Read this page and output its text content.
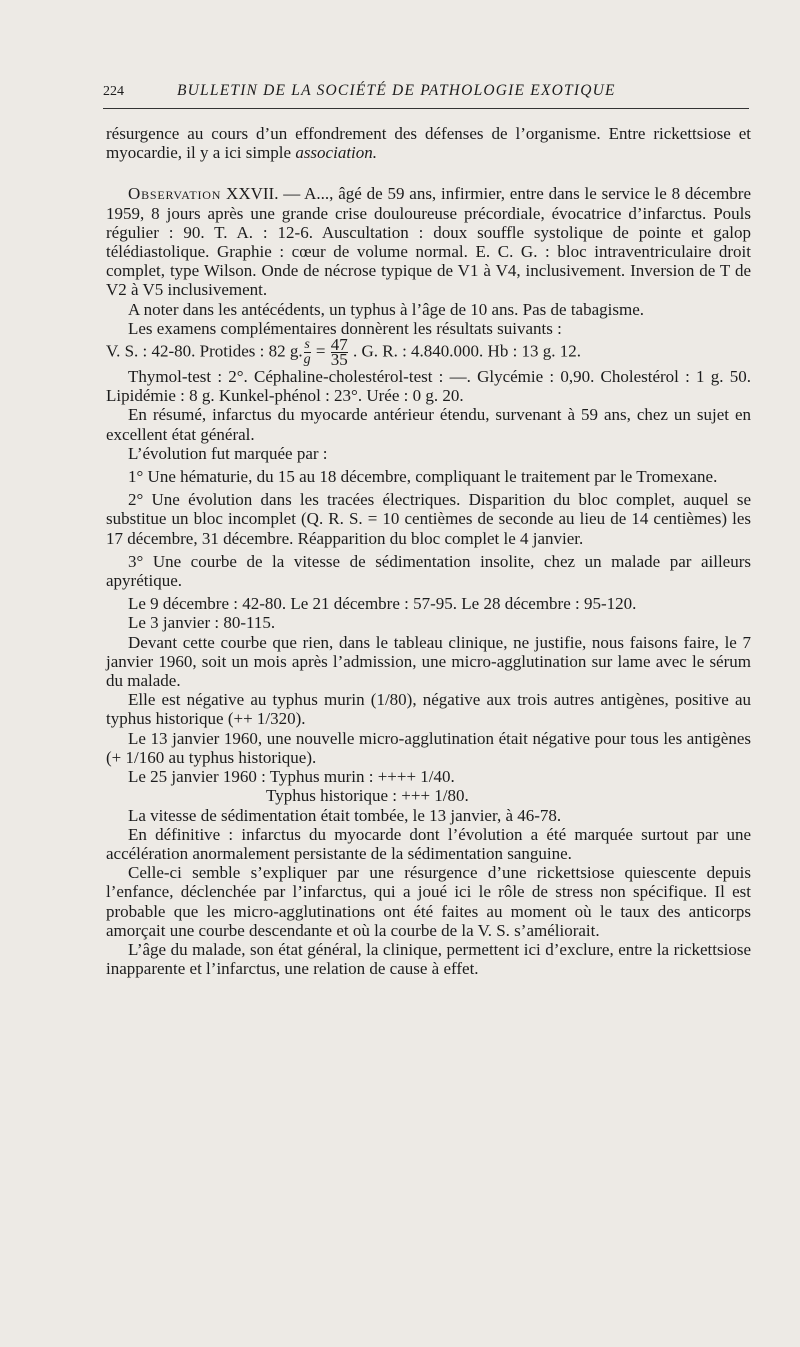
224	BULLETIN DE LA SOCIÉTÉ DE PATHOLOGIE EXOTIQUE

résurgence au cours d’un effondrement des défenses de l’organisme. Entre rickettsiose et myocardie, il y a ici simple association.

Observation XXVII. — A..., âgé de 59 ans, infirmier, entre dans le service le 8 décembre 1959, 8 jours après une grande crise douloureuse précordiale, évocatrice d’infarctus. Pouls régulier : 90. T. A. : 12-6. Auscultation : doux souffle systolique de pointe et galop télédiastolique. Graphie : cœur de volume normal. E. C. G. : bloc intraventriculaire droit complet, type Wilson. Onde de nécrose typique de V1 à V4, inclusivement. Inversion de T de V2 à V5 inclusivement.

A noter dans les antécédents, un typhus à l’âge de 10 ans. Pas de tabagisme.

Les examens complémentaires donnèrent les résultats suivants :

V. S. : 42-80. Protides : 82 g. $\frac{s}{g} = \frac{47}{35}$ . G. R. : 4.840.000. Hb : 13 g. 12.

Thymol-test : 2°. Céphaline-cholestérol-test : —. Glycémie : 0,90. Cholestérol : 1 g. 50. Lipidémie : 8 g. Kunkel-phénol : 23°. Urée : 0 g. 20.

En résumé, infarctus du myocarde antérieur étendu, survenant à 59 ans, chez un sujet en excellent état général.

L’évolution fut marquée par :

1° Une hématurie, du 15 au 18 décembre, compliquant le traitement par le Tromexane.

2° Une évolution dans les tracées électriques. Disparition du bloc complet, auquel se substitue un bloc incomplet (Q. R. S. = 10 centièmes de seconde au lieu de 14 centièmes) les 17 décembre, 31 décembre. Réapparition du bloc complet le 4 janvier.

3° Une courbe de la vitesse de sédimentation insolite, chez un malade par ailleurs apyrétique.

Le 9 décembre : 42-80. Le 21 décembre : 57-95. Le 28 décembre : 95-120.

Le 3 janvier : 80-115.

Devant cette courbe que rien, dans le tableau clinique, ne justifie, nous faisons faire, le 7 janvier 1960, soit un mois après l’admission, une micro-agglutination sur lame avec le sérum du malade.

Elle est négative au typhus murin (1/80), négative aux trois autres antigènes, positive au typhus historique (++ 1/320).

Le 13 janvier 1960, une nouvelle micro-agglutination était négative pour tous les antigènes (+ 1/160 au typhus historique).

Le 25 janvier 1960 : Typhus murin : ++++ 1/40.

Typhus historique : +++ 1/80.

La vitesse de sédimentation était tombée, le 13 janvier, à 46-78.

En définitive : infarctus du myocarde dont l’évolution a été marquée surtout par une accélération anormalement persistante de la sédimentation sanguine.

Celle-ci semble s’expliquer par une résurgence d’une rickettsiose quiescente depuis l’enfance, déclenchée par l’infarctus, qui a joué ici le rôle de stress non spécifique. Il est probable que les micro-agglutinations ont été faites au moment où le taux des anticorps amorçait une courbe descendante et où la courbe de la V. S. s’améliorait.

L’âge du malade, son état général, la clinique, permettent ici d’exclure, entre la rickettsiose inapparente et l’infarctus, une relation de cause à effet.
